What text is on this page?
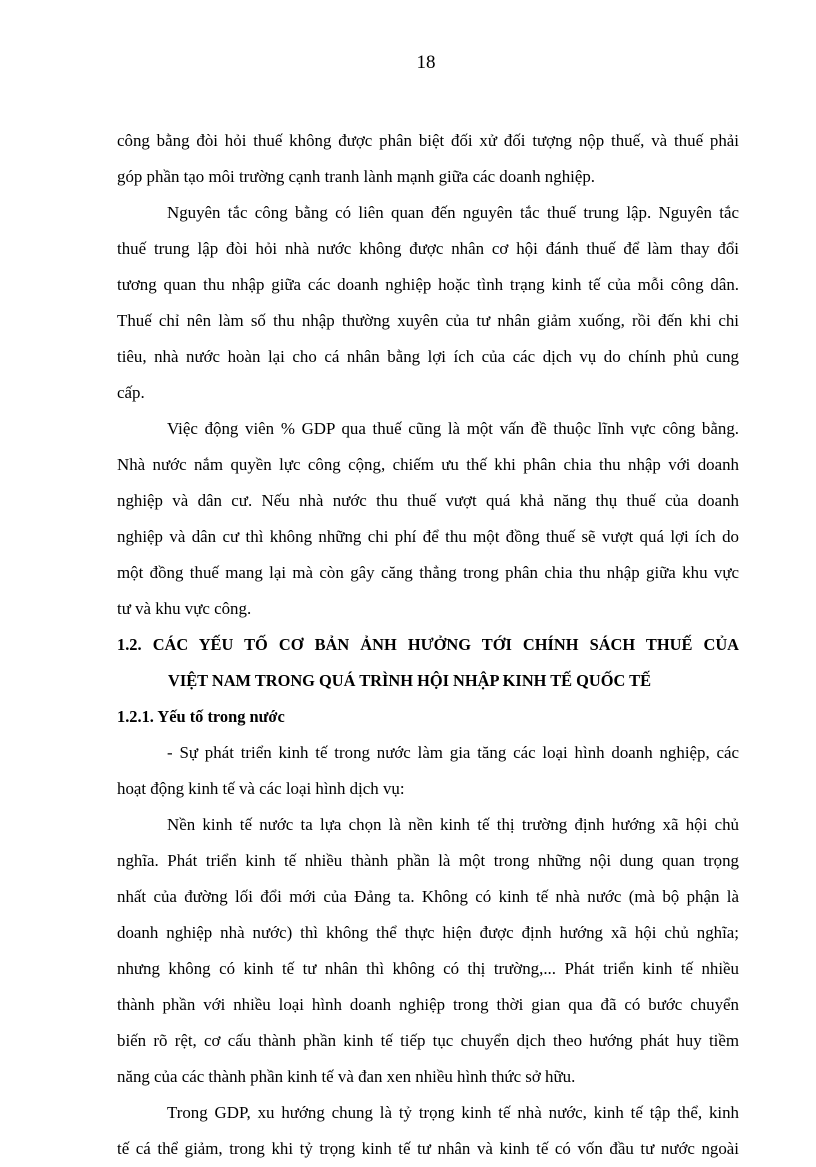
18
công bằng đòi hỏi thuế không được phân biệt đối xử đối tượng nộp thuế, và thuế phải
góp phần tạo môi trường cạnh tranh lành mạnh giữa các doanh nghiệp.
Nguyên tắc công bằng có liên quan đến nguyên tắc thuế trung lập. Nguyên tắc
thuế trung lập đòi hỏi nhà nước không được nhân cơ hội đánh thuế để làm thay đổi
tương quan thu nhập giữa các doanh nghiệp hoặc tình trạng kinh tế của mỗi công dân.
Thuế chỉ nên làm số thu nhập thường xuyên của tư nhân giảm xuống, rồi đến khi chi
tiêu, nhà nước hoàn lại cho cá nhân bằng lợi ích của các dịch vụ do chính phủ cung
cấp.
Việc động viên % GDP qua thuế cũng là một vấn đề thuộc lĩnh vực công bằng.
Nhà nước nắm quyền lực công cộng, chiếm ưu thế khi phân chia thu nhập với doanh
nghiệp và dân cư. Nếu nhà nước thu thuế vượt quá khả năng thụ thuế của doanh
nghiệp và dân cư thì không những chi phí để thu một đồng thuế sẽ vượt quá lợi ích do
một đồng thuế mang lại mà còn gây căng thẳng trong phân chia thu nhập giữa khu vực
tư và khu vực công.
1.2. CÁC YẾU TỐ CƠ BẢN ẢNH HƯỞNG TỚI CHÍNH SÁCH THUẾ CỦA
VIỆT NAM TRONG QUÁ TRÌNH HỘI NHẬP KINH TẾ QUỐC TẾ
1.2.1. Yếu tố trong nước
- Sự phát triển kinh tế trong nước làm gia tăng các loại hình doanh nghiệp, các
hoạt động kinh tế và các loại hình dịch vụ:
Nền kinh tế nước ta lựa chọn là nền kinh tế thị trường định hướng xã hội chủ
nghĩa. Phát triển kinh tế nhiều thành phần là một trong những nội dung quan trọng
nhất của đường lối đổi mới của Đảng ta. Không có kinh tế nhà nước (mà bộ phận là
doanh nghiệp nhà nước) thì không thể thực hiện được định hướng xã hội chủ nghĩa;
nhưng không có kinh tế tư nhân thì không có thị trường,... Phát triển kinh tế nhiều
thành phần với nhiều loại hình doanh nghiệp trong thời gian qua đã có bước chuyển
biến rõ rệt, cơ cấu thành phần kinh tế tiếp tục chuyển dịch theo hướng phát huy tiềm
năng của các thành phần kinh tế và đan xen nhiều hình thức sở hữu.
Trong GDP, xu hướng chung là tỷ trọng kinh tế nhà nước, kinh tế tập thể, kinh
tế cá thể giảm, trong khi tỷ trọng kinh tế tư nhân và kinh tế có vốn đầu tư nước ngoài
